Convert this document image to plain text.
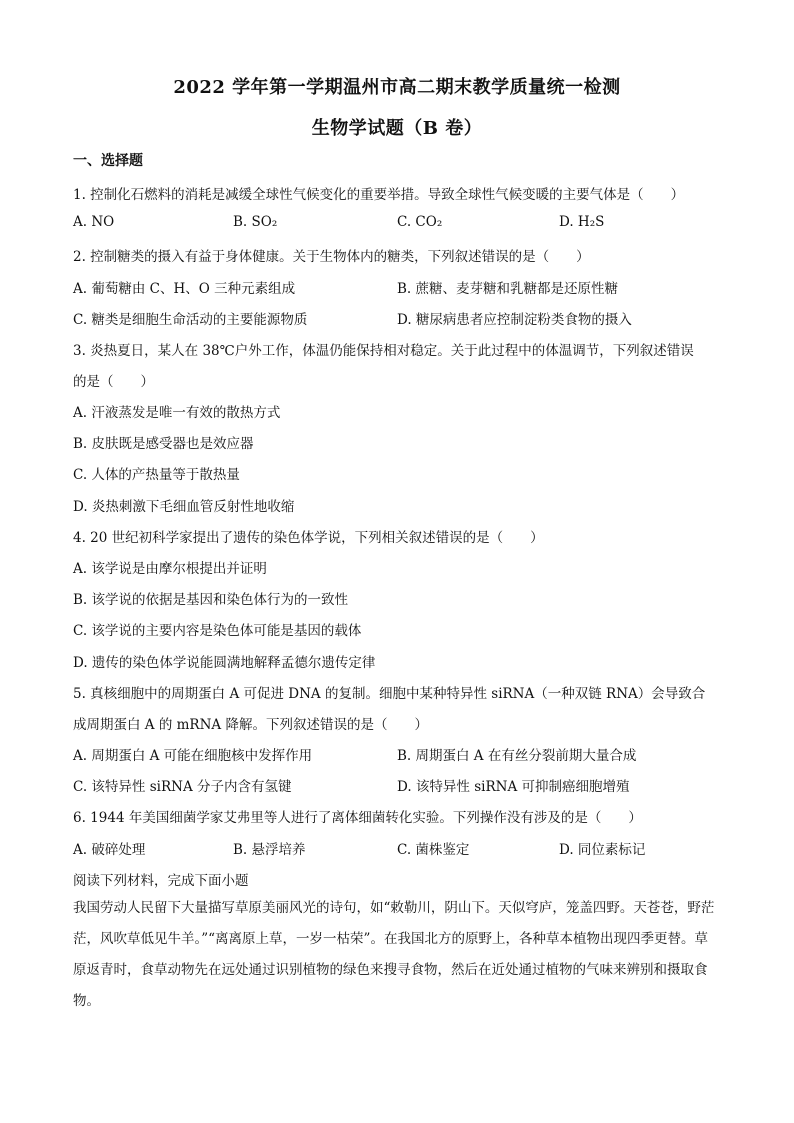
2022 学年第一学期温州市高二期末教学质量统一检测
生物学试题（B 卷）
一、选择题
1. 控制化石燃料的消耗是减缓全球性气候变化的重要举措。导致全球性气候变暖的主要气体是（　　）
A. NO	B. SO₂	C. CO₂	D. H₂S
2. 控制糖类的摄入有益于身体健康。关于生物体内的糖类，下列叙述错误的是（　　）
A. 葡萄糖由 C、H、O 三种元素组成	B. 蔗糖、麦芽糖和乳糖都是还原性糖
C. 糖类是细胞生命活动的主要能源物质	D. 糖尿病患者应控制淀粉类食物的摄入
3. 炎热夏日，某人在 38℃户外工作，体温仍能保持相对稳定。关于此过程中的体温调节，下列叙述错误
的是（　　）
A. 汗液蒸发是唯一有效的散热方式
B. 皮肤既是感受器也是效应器
C. 人体的产热量等于散热量
D. 炎热刺激下毛细血管反射性地收缩
4. 20 世纪初科学家提出了遗传的染色体学说，下列相关叙述错误的是（　　）
A. 该学说是由摩尔根提出并证明
B. 该学说的依据是基因和染色体行为的一致性
C. 该学说的主要内容是染色体可能是基因的载体
D. 遗传的染色体学说能圆满地解释孟德尔遗传定律
5. 真核细胞中的周期蛋白 A 可促进 DNA 的复制。细胞中某种特异性 siRNA（一种双链 RNA）会导致合
成周期蛋白 A 的 mRNA 降解。下列叙述错误的是（　　）
A. 周期蛋白 A 可能在细胞核中发挥作用	B. 周期蛋白 A 在有丝分裂前期大量合成
C. 该特异性 siRNA 分子内含有氢键	D. 该特异性 siRNA 可抑制癌细胞增殖
6. 1944 年美国细菌学家艾弗里等人进行了离体细菌转化实验。下列操作没有涉及的是（　　）
A. 破碎处理	B. 悬浮培养	C. 菌株鉴定	D. 同位素标记
阅读下列材料，完成下面小题
我国劳动人民留下大量描写草原美丽风光的诗句，如“敕勒川，阴山下。天似穹庐，笼盖四野。天苍苍，野茫茫，风吹草低见牛羊。”“离离原上草，一岁一枯荣”。在我国北方的原野上，各种草本植物出现四季更替。草原返青时，食草动物先在远处通过识别植物的绿色来搜寻食物，然后在近处通过植物的气味来辨别和摄取食物。
